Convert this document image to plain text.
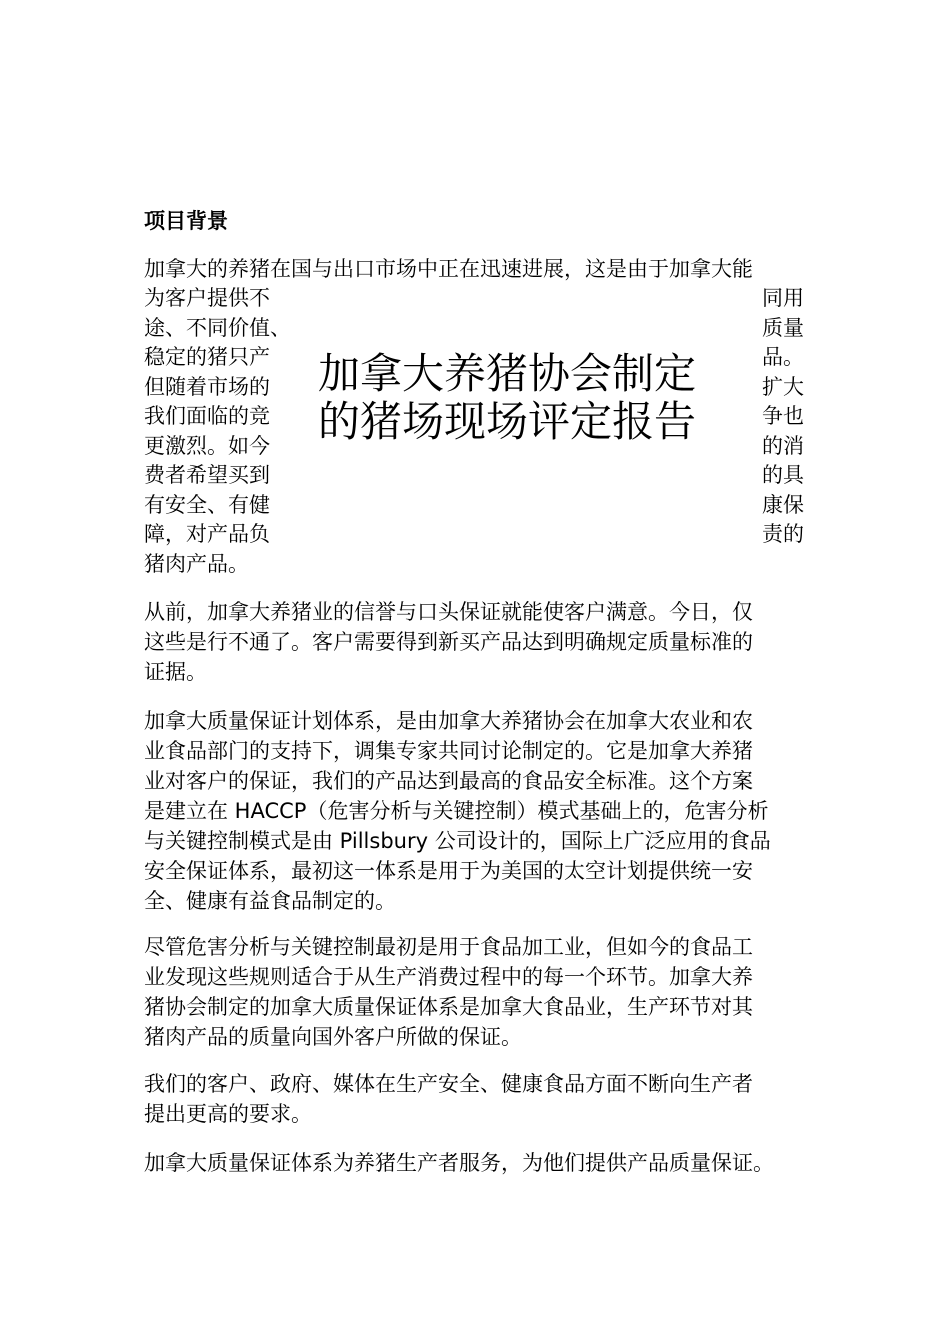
项目背景
加拿大的养猪在国与出口市场中正在迅速进展，这是由于加拿大能
为客户提供不
途、不同价值、
稳定的猪只产
但随着市场的
我们面临的竞
更激烈。如今
费者希望买到
有安全、有健
障，对产品负
猪肉产品。
同用
质量
品。
扩大
争也
的消
的具
康保
责的
加拿大养猪协会制定
的猪场现场评定报告
从前，加拿大养猪业的信誉与口头保证就能使客户满意。今日，仅
这些是行不通了。客户需要得到新买产品达到明确规定质量标准的
证据。
加拿大质量保证计划体系，是由加拿大养猪协会在加拿大农业和农
业食品部门的支持下，调集专家共同讨论制定的。它是加拿大养猪
业对客户的保证，我们的产品达到最高的食品安全标准。这个方案
是建立在 HACCP（危害分析与关键控制）模式基础上的，危害分析
与关键控制模式是由 Pillsbury 公司设计的，国际上广泛应用的食品
安全保证体系，最初这一体系是用于为美国的太空计划提供统一安
全、健康有益食品制定的。
尽管危害分析与关键控制最初是用于食品加工业，但如今的食品工
业发现这些规则适合于从生产消费过程中的每一个环节。加拿大养
猪协会制定的加拿大质量保证体系是加拿大食品业，生产环节对其
猪肉产品的质量向国外客户所做的保证。
我们的客户、政府、媒体在生产安全、健康食品方面不断向生产者
提出更高的要求。
加拿大质量保证体系为养猪生产者服务，为他们提供产品质量保证。
